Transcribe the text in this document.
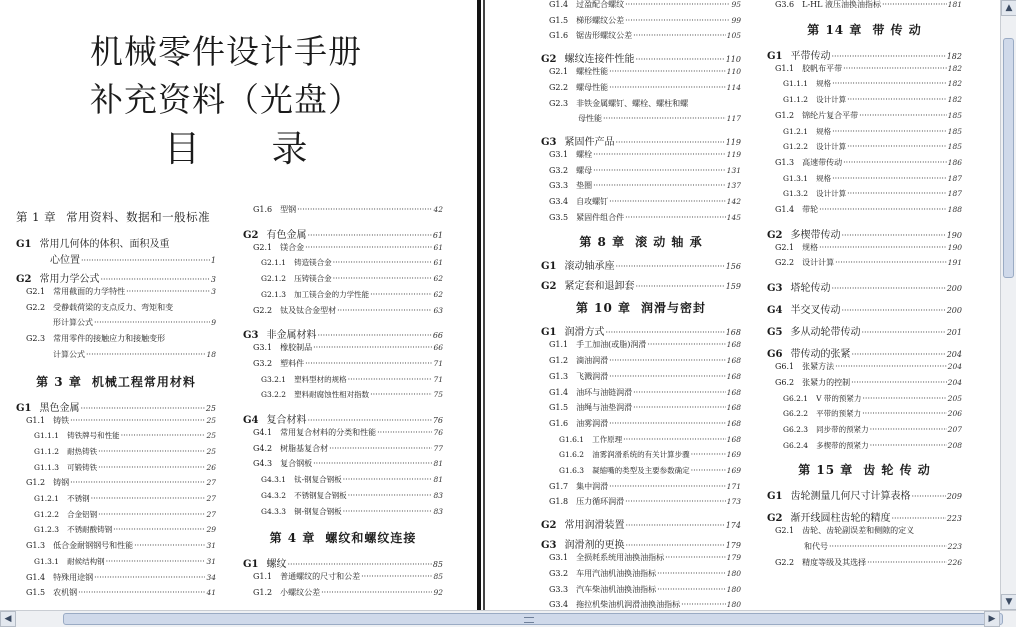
机械零件设计手册
补充资料（光盘）
目 录
第 1 章 常用资料、数据和一般标准
G1 常用几何体的体积、面积及重
心位置 ·····	1
G2 常用力学公式 ·····	3
G2.1 常用截面的力学特性 ·····	3
G2.2 受静载荷梁的支点反力、弯矩和变
形计算公式 ·····	9
G2.3 常用零件的接触应力和接触变形
计算公式 ·····	18
第 3 章 机械工程常用材料
G1 黑色金属 ·····	25
G1.1 铸铁 ·····	25
G1.1.1 铸铁牌号和性能 ·····	25
G1.1.2 耐热铸铁 ·····	25
G1.1.3 可锻铸铁 ·····	26
G1.2 铸钢 ·····	27
G1.2.1 不锈钢 ·····	27
G1.2.2 合金铝钢 ·····	27
G1.2.3 不锈耐酸铸钢 ·····	29
G1.3 低合金耐钢钢号和性能 ·····	31
G1.3.1 耐候结构钢 ·····	31
G1.4 特殊用途钢 ·····	34
G1.5 农机钢 ·····	41
G1.6 型钢 ·····	42
G2 有色金属 ·····	61
G2.1 镁合金 ·····	61
G2.1.1 铸造镁合金 ·····	61
G2.1.2 压铸镁合金 ·····	62
G2.1.3 加工镁合金的力学性能 ·····	62
G2.2 钛及钛合金型材 ·····	63
G3 非金属材料 ·····	66
G3.1 橡胶制品 ·····	66
G3.2 塑料件 ·····	71
G3.2.1 塑料型材的规格 ·····	71
G3.2.2 塑料耐腐蚀性相对指数 ·····	75
G4 复合材料 ·····	76
G4.1 常用复合材料的分类和性能 ·····	76
G4.2 树脂基复合材 ·····	77
G4.3 复合钢板 ·····	81
G4.3.1 钛-钢复合钢板 ·····	81
G4.3.2 不锈钢复合钢板 ·····	83
G4.3.3 铜-钢复合钢板 ·····	83
第 4 章 螺纹和螺纹连接
G1 螺纹 ·····	85
G1.1 普通螺纹的尺寸和公差 ·····	85
G1.2 小螺纹公差 ·····	92
G1.4 过盈配合螺纹 ·····	95
G1.5 梯形螺纹公差 ·····	99
G1.6 锯齿形螺纹公差 ·····	105
G2 螺纹连接件性能 ·····	110
G2.1 螺栓性能 ·····	110
G2.2 螺母性能 ·····	114
G2.3 非铁金属螺钉、螺栓、螺柱和螺
母性能 ·····	117
G3 紧固件产品 ·····	119
G3.1 螺栓 ·····	119
G3.2 螺母 ·····	131
G3.3 垫圈 ·····	137
G3.4 自攻螺钉 ·····	142
G3.5 紧固件组合件 ·····	145
第 8 章 滚 动 轴 承
G1 滚动轴承座 ·····	156
G2 紧定套和退卸套 ·····	159
第 10 章 润滑与密封
G1 润滑方式 ·····	168
G1.1 手工加油(或脂)润滑 ·····	168
G1.2 滴油润滑 ·····	168
G1.3 飞溅润滑 ·····	168
G1.4 油环与油链润滑 ·····	168
G1.5 油绳与油垫润滑 ·····	168
G1.6 油雾润滑 ·····	168
G1.6.1 工作原理 ·····	168
G1.6.2 油雾润滑系统的有关计算步骤 ·····	169
G1.6.3 凝缩嘴的类型及主要参数确定 ·····	169
G1.7 集中润滑 ·····	171
G1.8 压力循环润滑 ·····	173
G2 常用润滑装置 ·····	174
G3 润滑剂的更换 ·····	179
G3.1 全损耗系统用油换油指标 ·····	179
G3.2 车用汽油机油换油指标 ·····	180
G3.3 汽车柴油机油换油指标 ·····	180
G3.4 拖拉机柴油机润滑油换油指标 ·····	180
G3.6 L-HL 液压油换油指标 ·····	181
第 14 章 带 传 动
G1 平带传动 ·····	182
G1.1 胶帆布平带 ·····	182
G1.1.1 规格 ·····	182
G1.1.2 设计计算 ·····	182
G1.2 锦纶片复合平带 ·····	185
G1.2.1 规格 ·····	185
G1.2.2 设计计算 ·····	185
G1.3 高速带传动 ·····	186
G1.3.1 规格 ·····	187
G1.3.2 设计计算 ·····	187
G1.4 带轮 ·····	188
G2 多楔带传动 ·····	190
G2.1 规格 ·····	190
G2.2 设计计算 ·····	191
G3 塔轮传动 ·····	200
G4 半交叉传动 ·····	200
G5 多从动轮带传动 ·····	201
G6 带传动的张紧 ·····	204
G6.1 张紧方法 ·····	204
G6.2 张紧力的控制 ·····	204
G6.2.1 V 带的预紧力 ·····	205
G6.2.2 平带的预紧力 ·····	206
G6.2.3 同步带的预紧力 ·····	207
G6.2.4 多楔带的预紧力 ·····	208
第 15 章 齿 轮 传 动
G1 齿轮测量几何尺寸计算表格 ·····	209
G2 渐开线圆柱齿轮的精度 ·····	223
G2.1 齿轮、齿轮副误差和侧隙的定义
和代号 ·····	223
G2.2 精度等级及其选择 ·····	226
▲
▼
◀	▶
